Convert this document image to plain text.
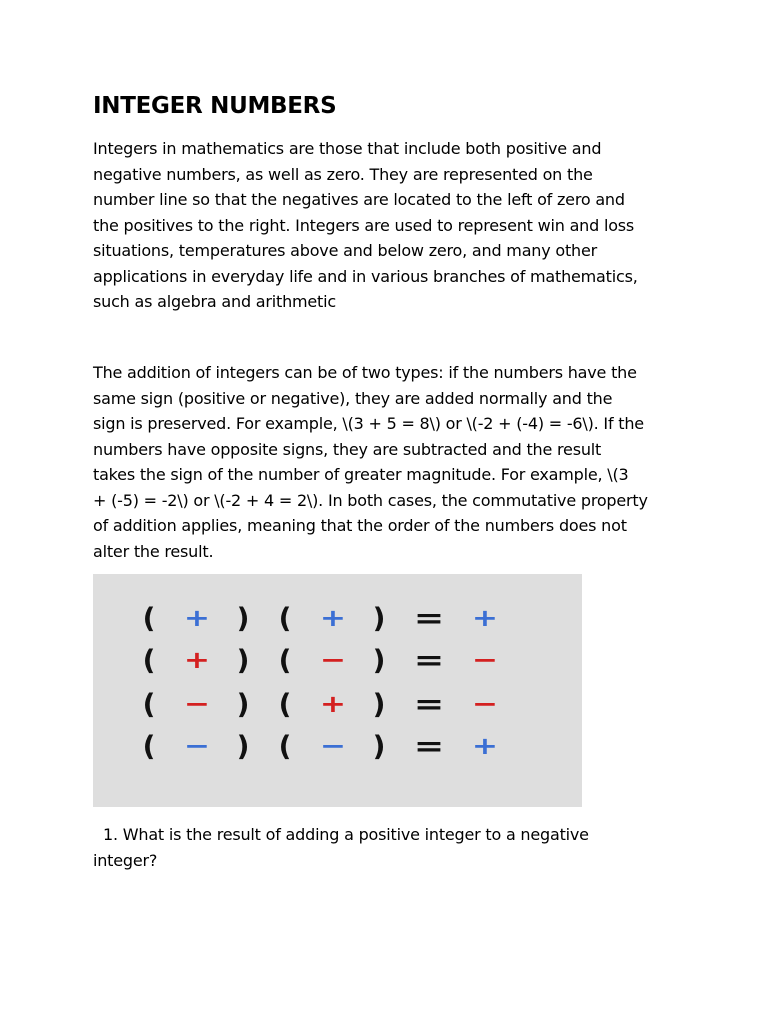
INTEGER NUMBERS

Integers in mathematics are those that include both positive and
negative numbers, as well as zero. They are represented on the
number line so that the negatives are located to the left of zero and
the positives to the right. Integers are used to represent win and loss
situations, temperatures above and below zero, and many other
applications in everyday life and in various branches of mathematics,
such as algebra and arithmetic

The addition of integers can be of two types: if the numbers have the
same sign (positive or negative), they are added normally and the
sign is preserved. For example, \(3 + 5 = 8\) or \(-2 + (-4) = -6\). If the
numbers have opposite signs, they are subtracted and the result
takes the sign of the number of greater magnitude. For example, \(3
+ (-5) = -2\) or \(-2 + 4 = 2\). In both cases, the commutative property
of addition applies, meaning that the order of the numbers does not
alter the result.

( + ) ( + ) = +
( + ) ( − ) = −
( − ) ( + ) = −
( − ) ( − ) = +

1. What is the result of adding a positive integer to a negative
integer?
